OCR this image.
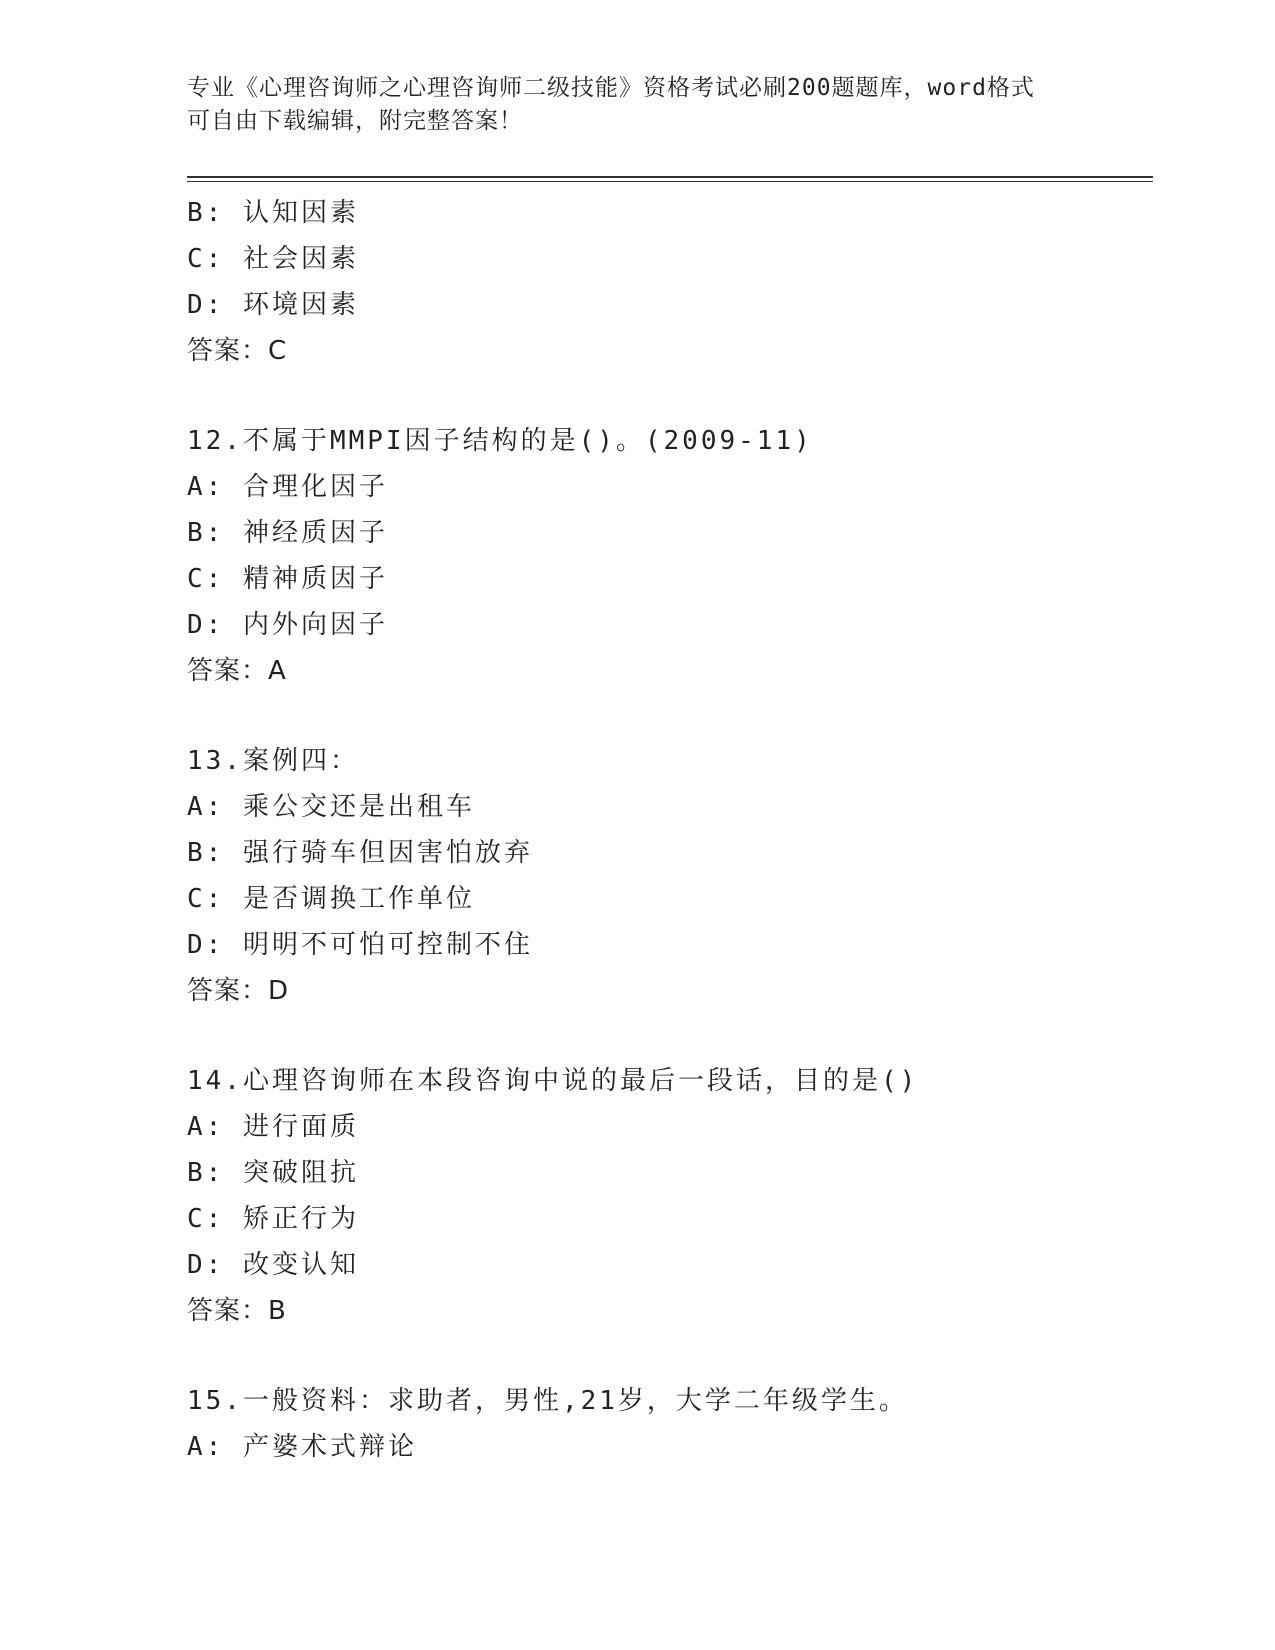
专业《心理咨询师之心理咨询师二级技能》资格考试必刷200题题库，word格式
可自由下载编辑，附完整答案！
B: 认知因素
C: 社会因素
D: 环境因素
答案：C
12.不属于MMPI因子结构的是()。(2009-11)
A: 合理化因子
B: 神经质因子
C: 精神质因子
D: 内外向因子
答案：A
13.案例四：
A: 乘公交还是出租车
B: 强行骑车但因害怕放弃
C: 是否调换工作单位
D: 明明不可怕可控制不住
答案：D
14.心理咨询师在本段咨询中说的最后一段话，目的是()
A: 进行面质
B: 突破阻抗
C: 矫正行为
D: 改变认知
答案：B
15.一般资料：求助者，男性,21岁，大学二年级学生。
A: 产婆术式辩论
